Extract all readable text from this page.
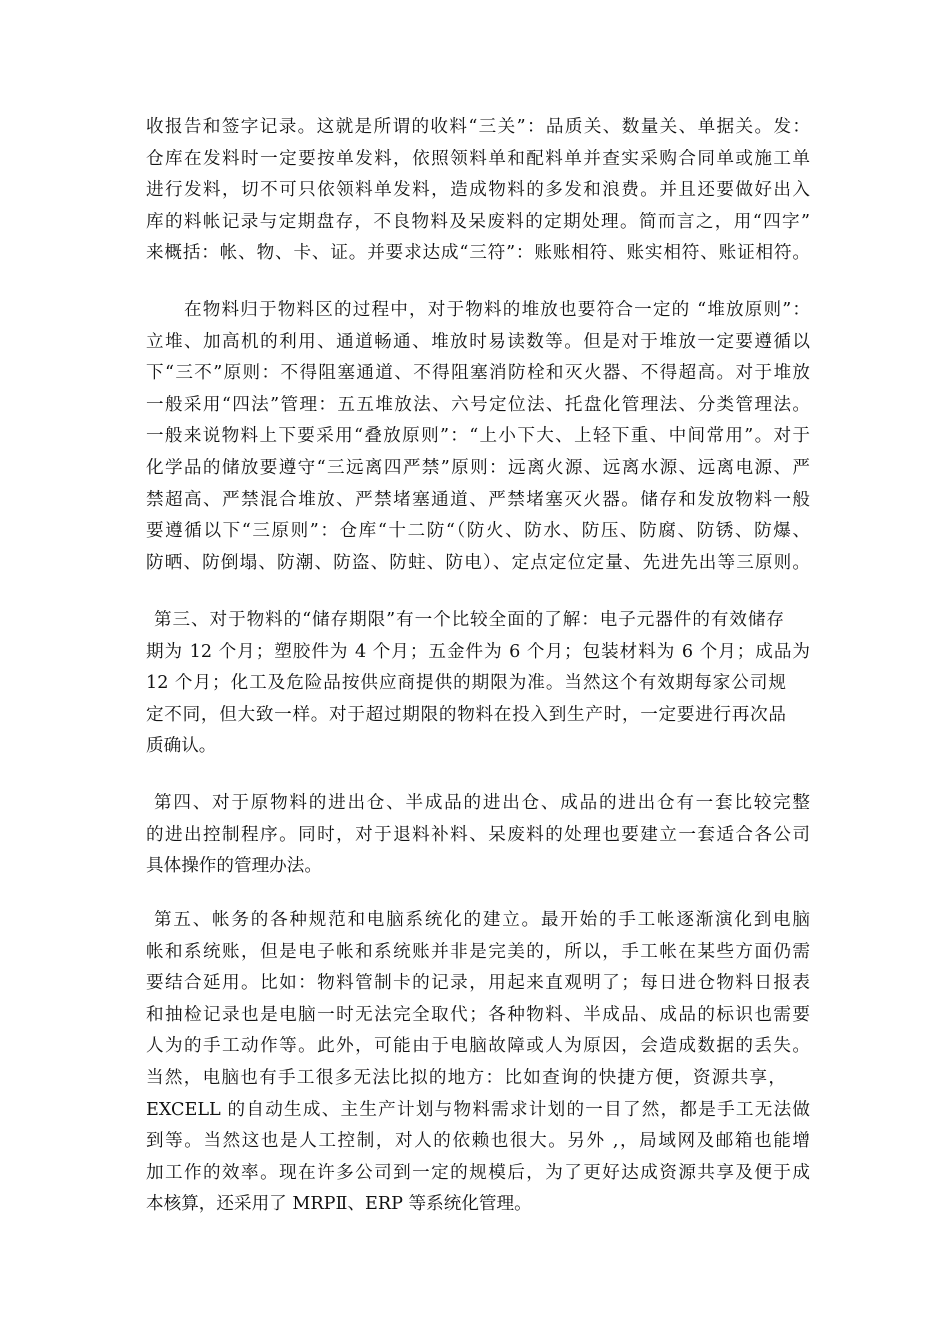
收报告和签字记录。这就是所谓的收料“三关”：品质关、数量关、单据关。发：
仓库在发料时一定要按单发料，依照领料单和配料单并查实采购合同单或施工单
进行发料，切不可只依领料单发料，造成物料的多发和浪费。并且还要做好出入
库的料帐记录与定期盘存，不良物料及呆废料的定期处理。简而言之，用“四字”
来概括：帐、物、卡、证。并要求达成“三符”：账账相符、账实相符、账证相符。
在物料归于物料区的过程中，对于物料的堆放也要符合一定的 “堆放原则”：
立堆、加高机的利用、通道畅通、堆放时易读数等。但是对于堆放一定要遵循以
下“三不”原则：不得阻塞通道、不得阻塞消防栓和灭火器、不得超高。对于堆放
一般采用“四法”管理：五五堆放法、六号定位法、托盘化管理法、分类管理法。
一般来说物料上下要采用“叠放原则”：“上小下大、上轻下重、中间常用”。对于
化学品的储放要遵守“三远离四严禁”原则：远离火源、远离水源、远离电源、严
禁超高、严禁混合堆放、严禁堵塞通道、严禁堵塞灭火器。储存和发放物料一般
要遵循以下“三原则”：仓库“十二防“（防火、防水、防压、防腐、防锈、防爆、
防晒、防倒塌、防潮、防盗、防蛀、防电）、定点定位定量、先进先出等三原则。
第三、对于物料的“储存期限”有一个比较全面的了解：电子元器件的有效储存
期为 12 个月；塑胶件为 4 个月；五金件为 6 个月；包装材料为 6 个月；成品为
12 个月；化工及危险品按供应商提供的期限为准。当然这个有效期每家公司规
定不同，但大致一样。对于超过期限的物料在投入到生产时，一定要进行再次品
质确认。
第四、对于原物料的进出仓、半成品的进出仓、成品的进出仓有一套比较完整
的进出控制程序。同时，对于退料补料、呆废料的处理也要建立一套适合各公司
具体操作的管理办法。
第五、帐务的各种规范和电脑系统化的建立。最开始的手工帐逐渐演化到电脑
帐和系统账，但是电子帐和系统账并非是完美的，所以，手工帐在某些方面仍需
要结合延用。比如：物料管制卡的记录，用起来直观明了；每日进仓物料日报表
和抽检记录也是电脑一时无法完全取代；各种物料、半成品、成品的标识也需要
人为的手工动作等。此外，可能由于电脑故障或人为原因，会造成数据的丢失。
当然，电脑也有手工很多无法比拟的地方：比如查询的快捷方便，资源共享，
EXCELL 的自动生成、主生产计划与物料需求计划的一目了然，都是手工无法做
到等。当然这也是人工控制，对人的依赖也很大。另外 ,，局域网及邮箱也能增
加工作的效率。现在许多公司到一定的规模后，为了更好达成资源共享及便于成
本核算，还采用了 MRPⅡ、ERP 等系统化管理。
